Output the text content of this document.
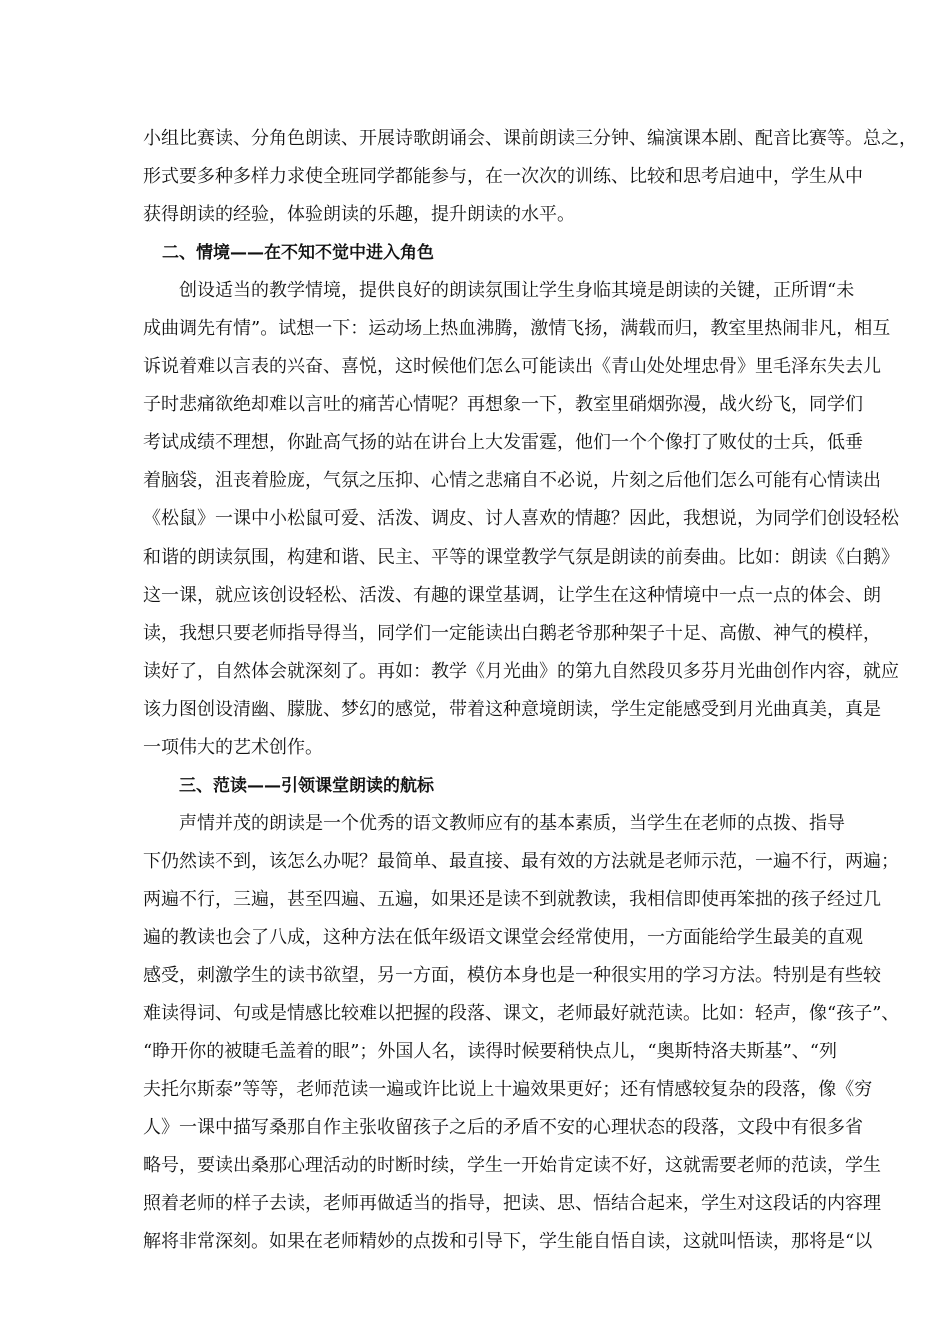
小组比赛读、分角色朗读、开展诗歌朗诵会、课前朗读三分钟、编演课本剧、配音比赛等。总之，
形式要多种多样力求使全班同学都能参与，在一次次的训练、比较和思考启迪中，学生从中
获得朗读的经验，体验朗读的乐趣，提升朗读的水平。
二、情境——在不知不觉中进入角色
创设适当的教学情境，提供良好的朗读氛围让学生身临其境是朗读的关键，正所谓“未
成曲调先有情”。试想一下：运动场上热血沸腾，激情飞扬，满载而归，教室里热闹非凡，相互
诉说着难以言表的兴奋、喜悦，这时候他们怎么可能读出《青山处处埋忠骨》里毛泽东失去儿
子时悲痛欲绝却难以言吐的痛苦心情呢？再想象一下，教室里硝烟弥漫，战火纷飞，同学们
考试成绩不理想，你趾高气扬的站在讲台上大发雷霆，他们一个个像打了败仗的士兵，低垂
着脑袋，沮丧着脸庞，气氛之压抑、心情之悲痛自不必说，片刻之后他们怎么可能有心情读出
《松鼠》一课中小松鼠可爱、活泼、调皮、讨人喜欢的情趣？因此，我想说，为同学们创设轻松
和谐的朗读氛围，构建和谐、民主、平等的课堂教学气氛是朗读的前奏曲。比如：朗读《白鹅》
这一课，就应该创设轻松、活泼、有趣的课堂基调，让学生在这种情境中一点一点的体会、朗
读，我想只要老师指导得当，同学们一定能读出白鹅老爷那种架子十足、高傲、神气的模样，
读好了，自然体会就深刻了。再如：教学《月光曲》的第九自然段贝多芬月光曲创作内容，就应
该力图创设清幽、朦胧、梦幻的感觉，带着这种意境朗读，学生定能感受到月光曲真美，真是
一项伟大的艺术创作。
三、范读——引领课堂朗读的航标
声情并茂的朗读是一个优秀的语文教师应有的基本素质，当学生在老师的点拨、指导
下仍然读不到，该怎么办呢？最简单、最直接、最有效的方法就是老师示范，一遍不行，两遍；
两遍不行，三遍，甚至四遍、五遍，如果还是读不到就教读，我相信即使再笨拙的孩子经过几
遍的教读也会了八成，这种方法在低年级语文课堂会经常使用，一方面能给学生最美的直观
感受，刺激学生的读书欲望，另一方面，模仿本身也是一种很实用的学习方法。特别是有些较
难读得词、句或是情感比较难以把握的段落、课文，老师最好就范读。比如：轻声，像“孩子”、
“睁开你的被睫毛盖着的眼”；外国人名，读得时候要稍快点儿，“奥斯特洛夫斯基”、“列
夫托尔斯泰”等等，老师范读一遍或许比说上十遍效果更好；还有情感较复杂的段落，像《穷
人》一课中描写桑那自作主张收留孩子之后的矛盾不安的心理状态的段落，文段中有很多省
略号，要读出桑那心理活动的时断时续，学生一开始肯定读不好，这就需要老师的范读，学生
照着老师的样子去读，老师再做适当的指导，把读、思、悟结合起来，学生对这段话的内容理
解将非常深刻。如果在老师精妙的点拨和引导下，学生能自悟自读，这就叫悟读，那将是“以
